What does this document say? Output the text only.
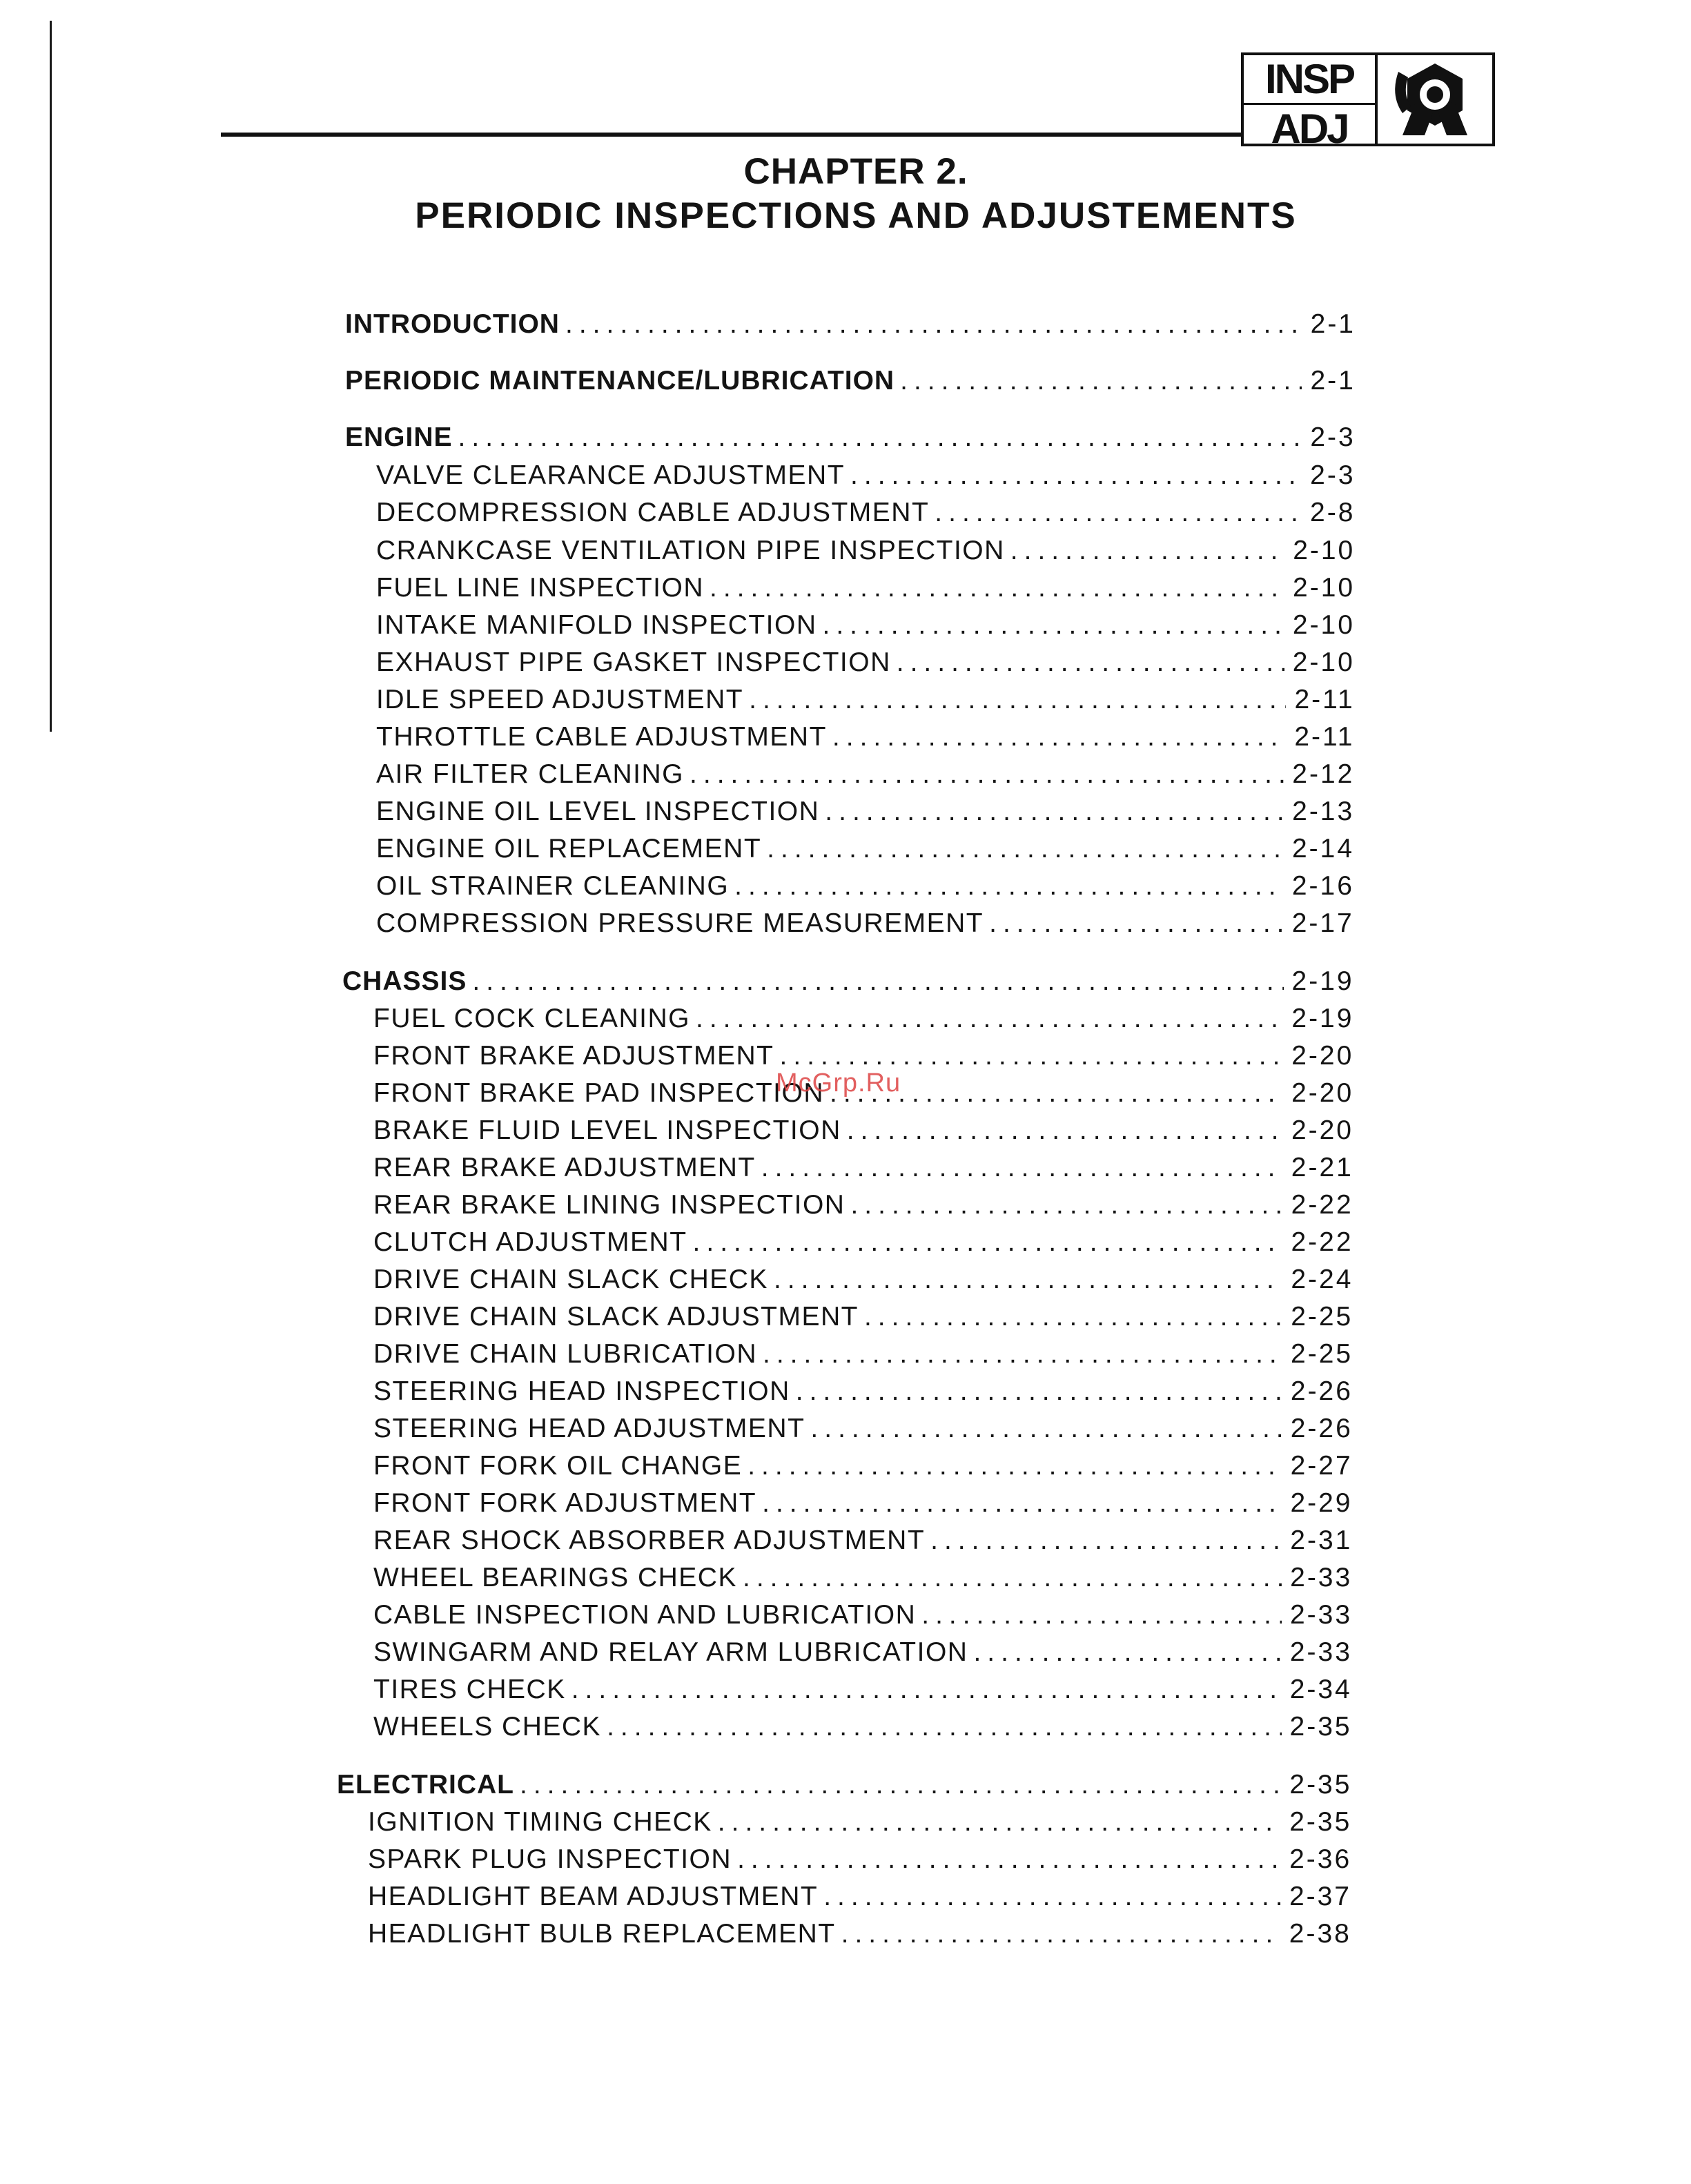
INSP
ADJ
CHAPTER 2.
PERIODIC INSPECTIONS AND ADJUSTEMENTS
INTRODUCTION .....	2-1
PERIODIC MAINTENANCE/LUBRICATION .....	2-1
ENGINE .....	2-3
VALVE CLEARANCE ADJUSTMENT .....	2-3
DECOMPRESSION CABLE ADJUSTMENT .....	2-8
CRANKCASE VENTILATION PIPE INSPECTION .....	2-10
FUEL LINE INSPECTION .....	2-10
INTAKE MANIFOLD INSPECTION .....	2-10
EXHAUST PIPE GASKET INSPECTION .....	2-10
IDLE SPEED ADJUSTMENT .....	2-11
THROTTLE CABLE ADJUSTMENT .....	2-11
AIR FILTER CLEANING .....	2-12
ENGINE OIL LEVEL INSPECTION .....	2-13
ENGINE OIL REPLACEMENT .....	2-14
OIL STRAINER CLEANING .....	2-16
COMPRESSION PRESSURE MEASUREMENT .....	2-17
CHASSIS .....	2-19
FUEL COCK CLEANING .....	2-19
FRONT BRAKE ADJUSTMENT .....	2-20
FRONT BRAKE PAD INSPECTION .....	2-20
BRAKE FLUID LEVEL INSPECTION .....	2-20
REAR BRAKE ADJUSTMENT .....	2-21
REAR BRAKE LINING INSPECTION .....	2-22
CLUTCH ADJUSTMENT .....	2-22
DRIVE CHAIN SLACK CHECK .....	2-24
DRIVE CHAIN SLACK ADJUSTMENT .....	2-25
DRIVE CHAIN LUBRICATION .....	2-25
STEERING HEAD INSPECTION .....	2-26
STEERING HEAD ADJUSTMENT .....	2-26
FRONT FORK OIL CHANGE .....	2-27
FRONT FORK ADJUSTMENT .....	2-29
REAR SHOCK ABSORBER ADJUSTMENT .....	2-31
WHEEL BEARINGS CHECK .....	2-33
CABLE INSPECTION AND LUBRICATION .....	2-33
SWINGARM AND RELAY ARM LUBRICATION .....	2-33
TIRES CHECK .....	2-34
WHEELS CHECK .....	2-35
ELECTRICAL .....	2-35
IGNITION TIMING CHECK .....	2-35
SPARK PLUG INSPECTION .....	2-36
HEADLIGHT BEAM ADJUSTMENT .....	2-37
HEADLIGHT BULB REPLACEMENT .....	2-38
McGrp.Ru
